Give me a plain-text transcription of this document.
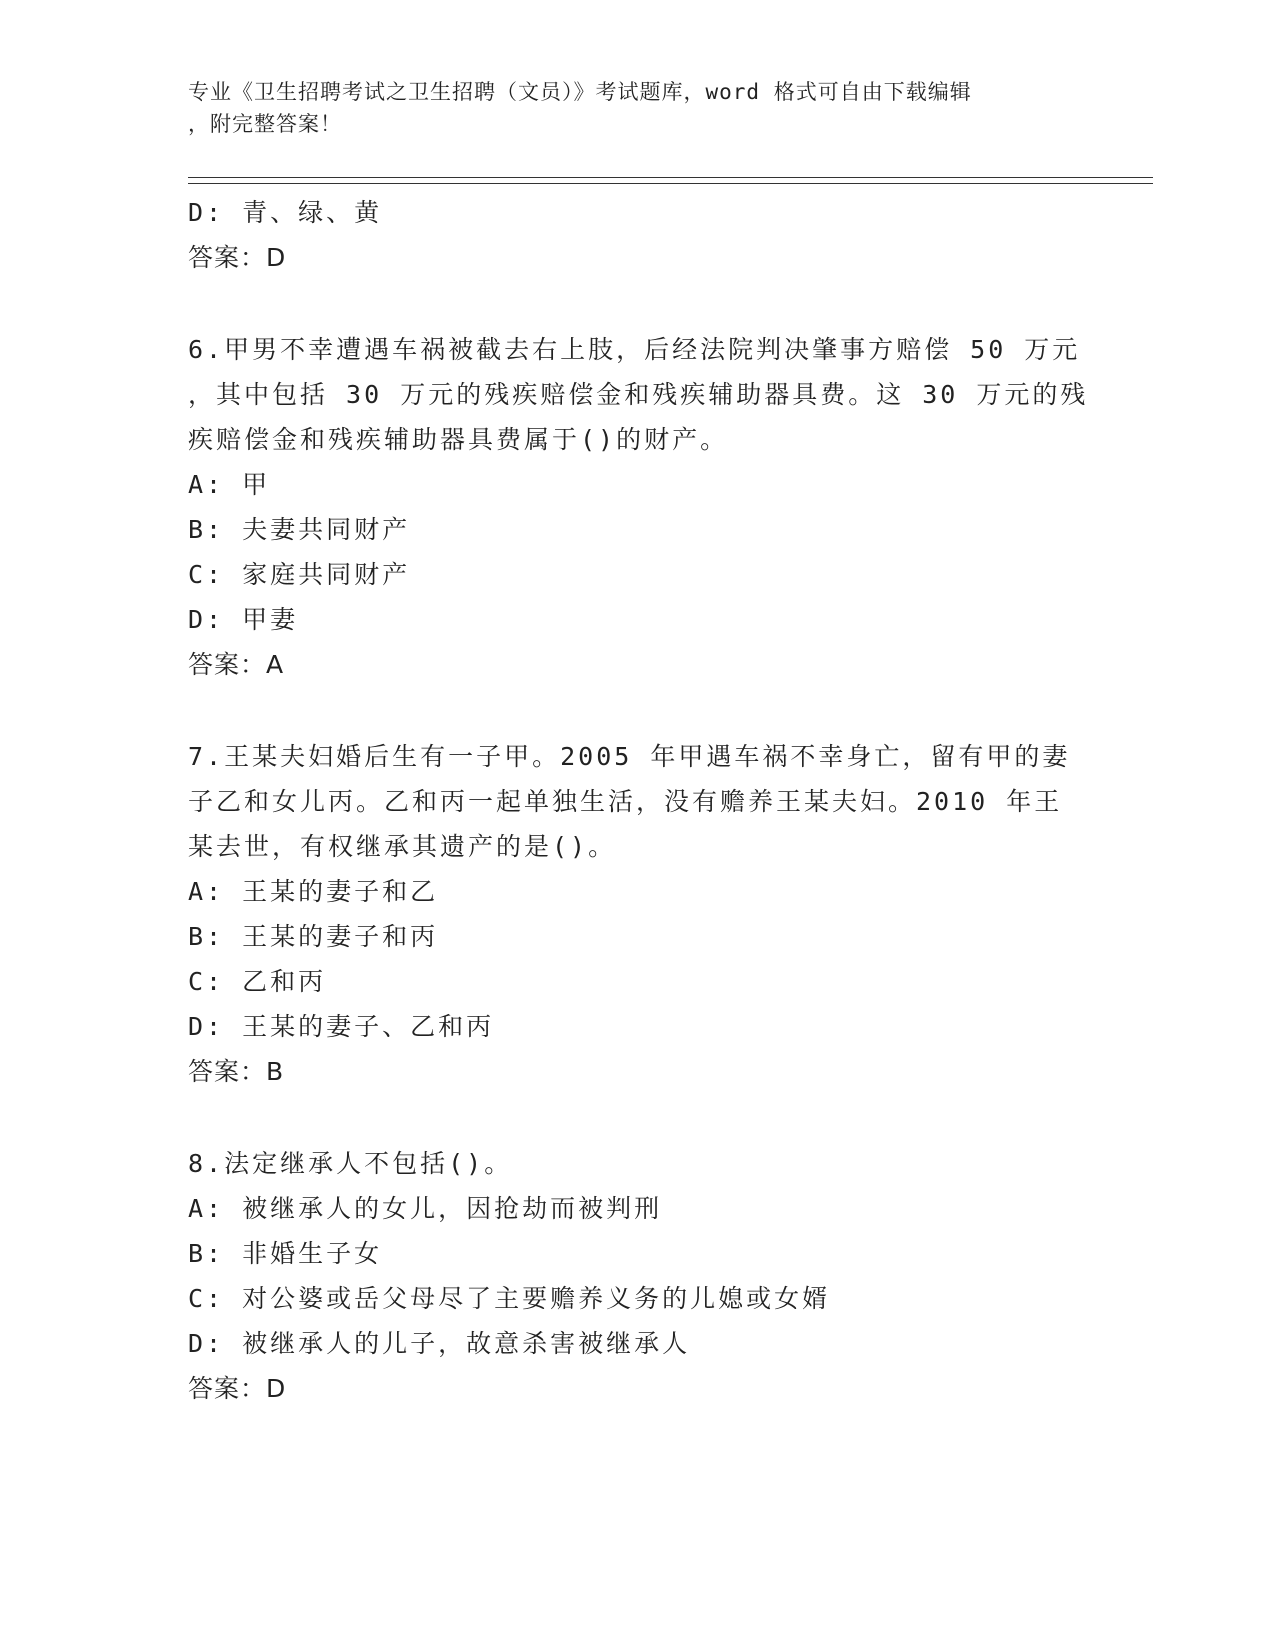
专业《卫生招聘考试之卫生招聘（文员）》考试题库，word 格式可自由下载编辑
，附完整答案！
D: 青、绿、黄
答案：D
6.甲男不幸遭遇车祸被截去右上肢，后经法院判决肇事方赔偿 50 万元
，其中包括 30 万元的残疾赔偿金和残疾辅助器具费。这 30 万元的残
疾赔偿金和残疾辅助器具费属于()的财产。
A: 甲
B: 夫妻共同财产
C: 家庭共同财产
D: 甲妻
答案：A
7.王某夫妇婚后生有一子甲。2005 年甲遇车祸不幸身亡，留有甲的妻
子乙和女儿丙。乙和丙一起单独生活，没有赡养王某夫妇。2010 年王
某去世，有权继承其遗产的是()。
A: 王某的妻子和乙
B: 王某的妻子和丙
C: 乙和丙
D: 王某的妻子、乙和丙
答案：B
8.法定继承人不包括()。
A: 被继承人的女儿，因抢劫而被判刑
B: 非婚生子女
C: 对公婆或岳父母尽了主要赡养义务的儿媳或女婿
D: 被继承人的儿子，故意杀害被继承人
答案：D
